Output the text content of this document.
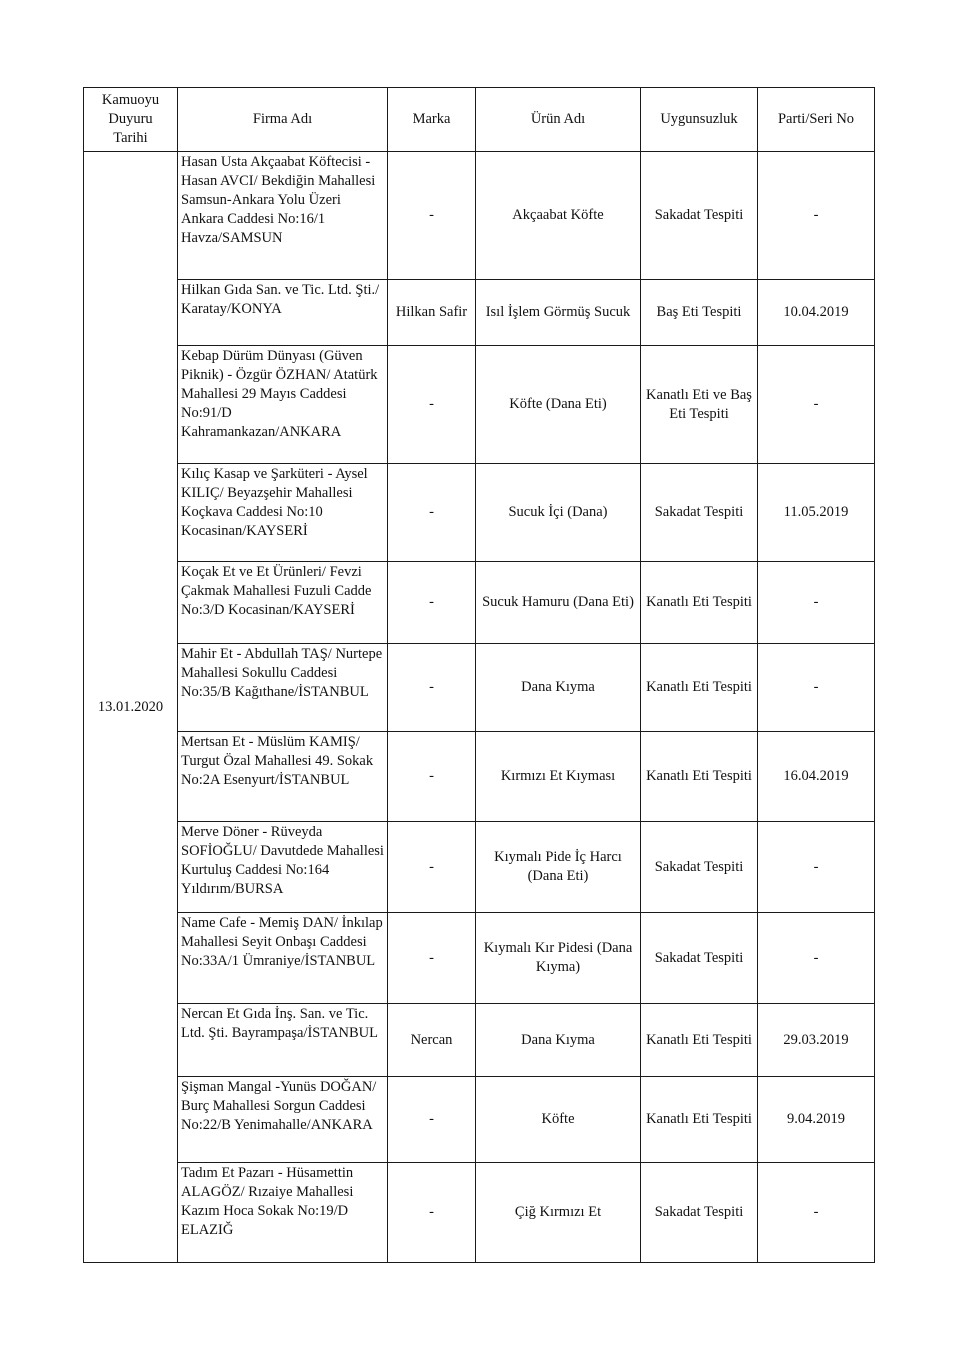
Kamuoyu
Duyuru
Tarihi	Firma Adı	Marka	Ürün Adı	Uygunsuzluk	Parti/Seri No
13.01.2020	Hasan Usta Akçaabat Köftecisi - Hasan AVCI/ Bekdiğin Mahallesi Samsun-Ankara Yolu Üzeri Ankara Caddesi No:16/1 Havza/SAMSUN	-	Akçaabat Köfte	Sakadat Tespiti	-
	Hilkan Gıda San. ve Tic. Ltd. Şti./ Karatay/KONYA	Hilkan Safir	Isıl İşlem Görmüş Sucuk	Baş Eti Tespiti	10.04.2019
	Kebap Dürüm Dünyası (Güven Piknik) - Özgür ÖZHAN/ Atatürk Mahallesi 29 Mayıs Caddesi No:91/D Kahramankazan/ANKARA	-	Köfte (Dana Eti)	Kanatlı Eti ve Baş Eti Tespiti	-
	Kılıç Kasap ve Şarküteri - Aysel KILIÇ/ Beyazşehir Mahallesi Koçkava Caddesi No:10 Kocasinan/KAYSERİ	-	Sucuk İçi (Dana)	Sakadat Tespiti	11.05.2019
	Koçak Et ve Et Ürünleri/ Fevzi Çakmak Mahallesi Fuzuli Cadde No:3/D Kocasinan/KAYSERİ	-	Sucuk Hamuru (Dana Eti)	Kanatlı Eti Tespiti	-
	Mahir Et - Abdullah TAŞ/ Nurtepe Mahallesi Sokullu Caddesi No:35/B Kağıthane/İSTANBUL	-	Dana Kıyma	Kanatlı Eti Tespiti	-
	Mertsan Et - Müslüm KAMIŞ/ Turgut Özal Mahallesi 49. Sokak No:2A Esenyurt/İSTANBUL	-	Kırmızı Et Kıyması	Kanatlı Eti Tespiti	16.04.2019
	Merve Döner - Rüveyda SOFİOĞLU/ Davutdede Mahallesi Kurtuluş Caddesi No:164 Yıldırım/BURSA	-	Kıymalı Pide İç Harcı (Dana Eti)	Sakadat Tespiti	-
	Name Cafe - Memiş DAN/ İnkılap Mahallesi Seyit Onbaşı Caddesi No:33A/1 Ümraniye/İSTANBUL	-	Kıymalı Kır Pidesi (Dana Kıyma)	Sakadat Tespiti	-
	Nercan Et Gıda İnş. San. ve Tic. Ltd. Şti. Bayrampaşa/İSTANBUL	Nercan	Dana Kıyma	Kanatlı Eti Tespiti	29.03.2019
	Şişman Mangal -Yunüs DOĞAN/ Burç Mahallesi Sorgun Caddesi No:22/B Yenimahalle/ANKARA	-	Köfte	Kanatlı Eti Tespiti	9.04.2019
	Tadım Et Pazarı - Hüsamettin ALAGÖZ/ Rızaiye Mahallesi Kazım Hoca Sokak No:19/D ELAZIĞ	-	Çiğ Kırmızı Et	Sakadat Tespiti	-
